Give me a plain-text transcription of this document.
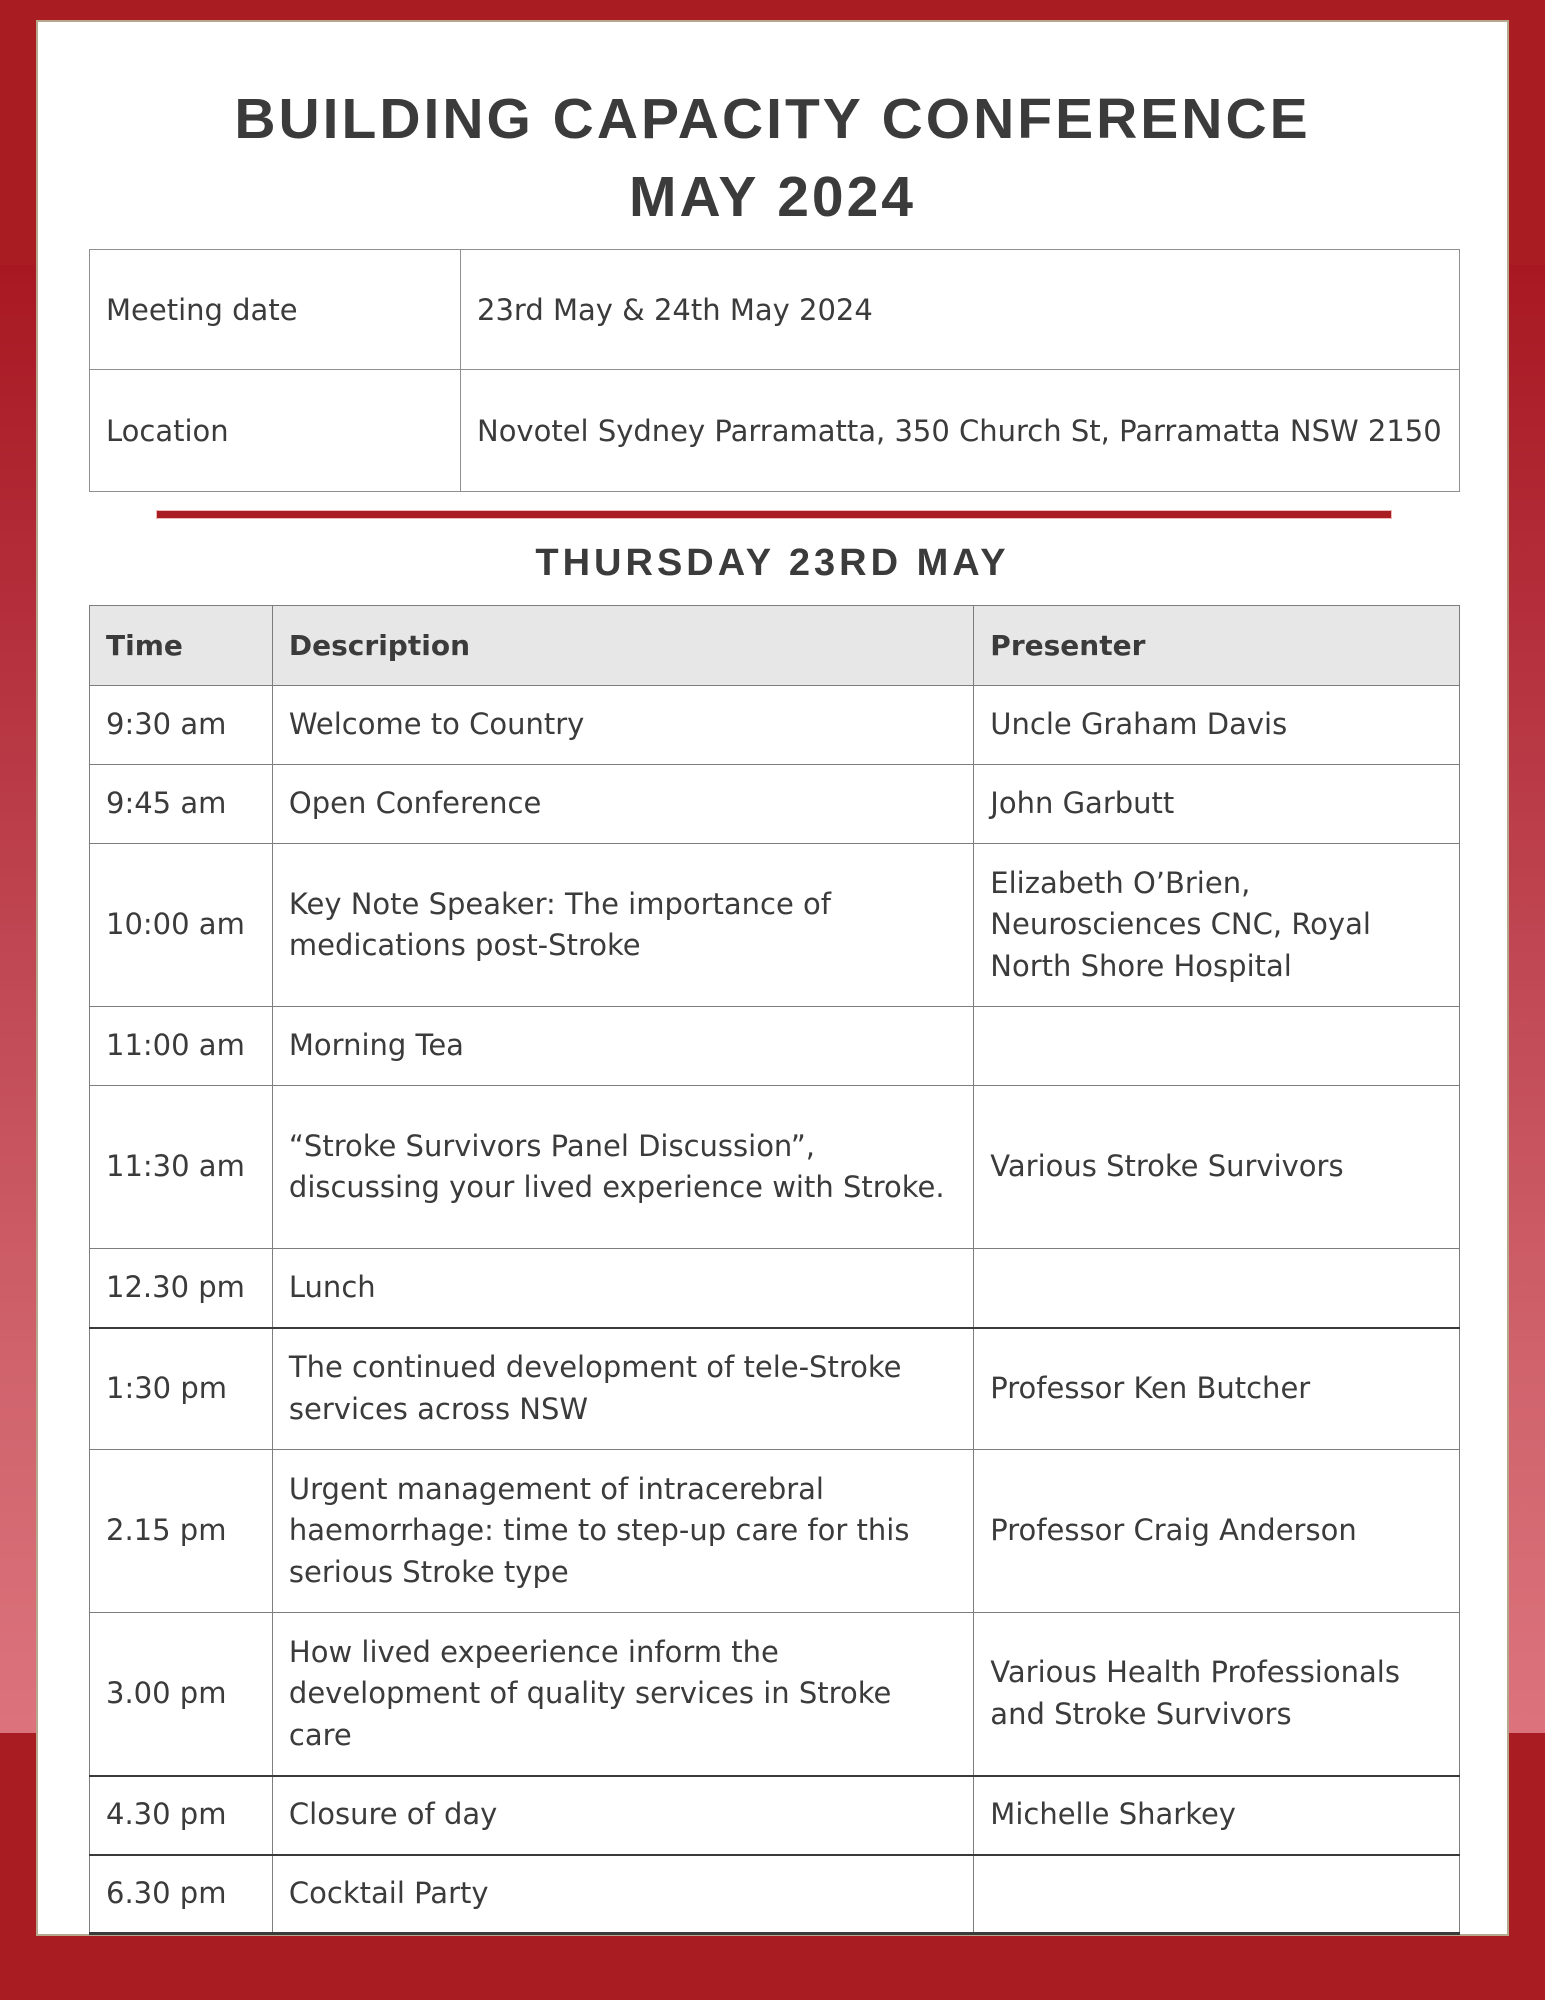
BUILDING CAPACITY CONFERENCE
MAY 2024
Meeting date	23rd May & 24th May 2024
Location	Novotel Sydney Parramatta, 350 Church St, Parramatta NSW 2150
THURSDAY 23RD MAY
Time	Description	Presenter
9:30 am	Welcome to Country	Uncle Graham Davis
9:45 am	Open Conference	John Garbutt
10:00 am	Key Note Speaker: The importance of medications post-Stroke	Elizabeth O’Brien, Neurosciences CNC, Royal North Shore Hospital
11:00 am	Morning Tea	
11:30 am	“Stroke Survivors Panel Discussion”, discussing your lived experience with Stroke.	Various Stroke Survivors
12.30 pm	Lunch	
1:30 pm	The continued development of tele-Stroke services across NSW	Professor Ken Butcher
2.15 pm	Urgent management of intracerebral haemorrhage: time to step-up care for this serious Stroke type	Professor Craig Anderson
3.00 pm	How lived expeerience inform the development of quality services in Stroke care	Various Health Professionals and Stroke Survivors
4.30 pm	Closure of day	Michelle Sharkey
6.30 pm	Cocktail Party	
